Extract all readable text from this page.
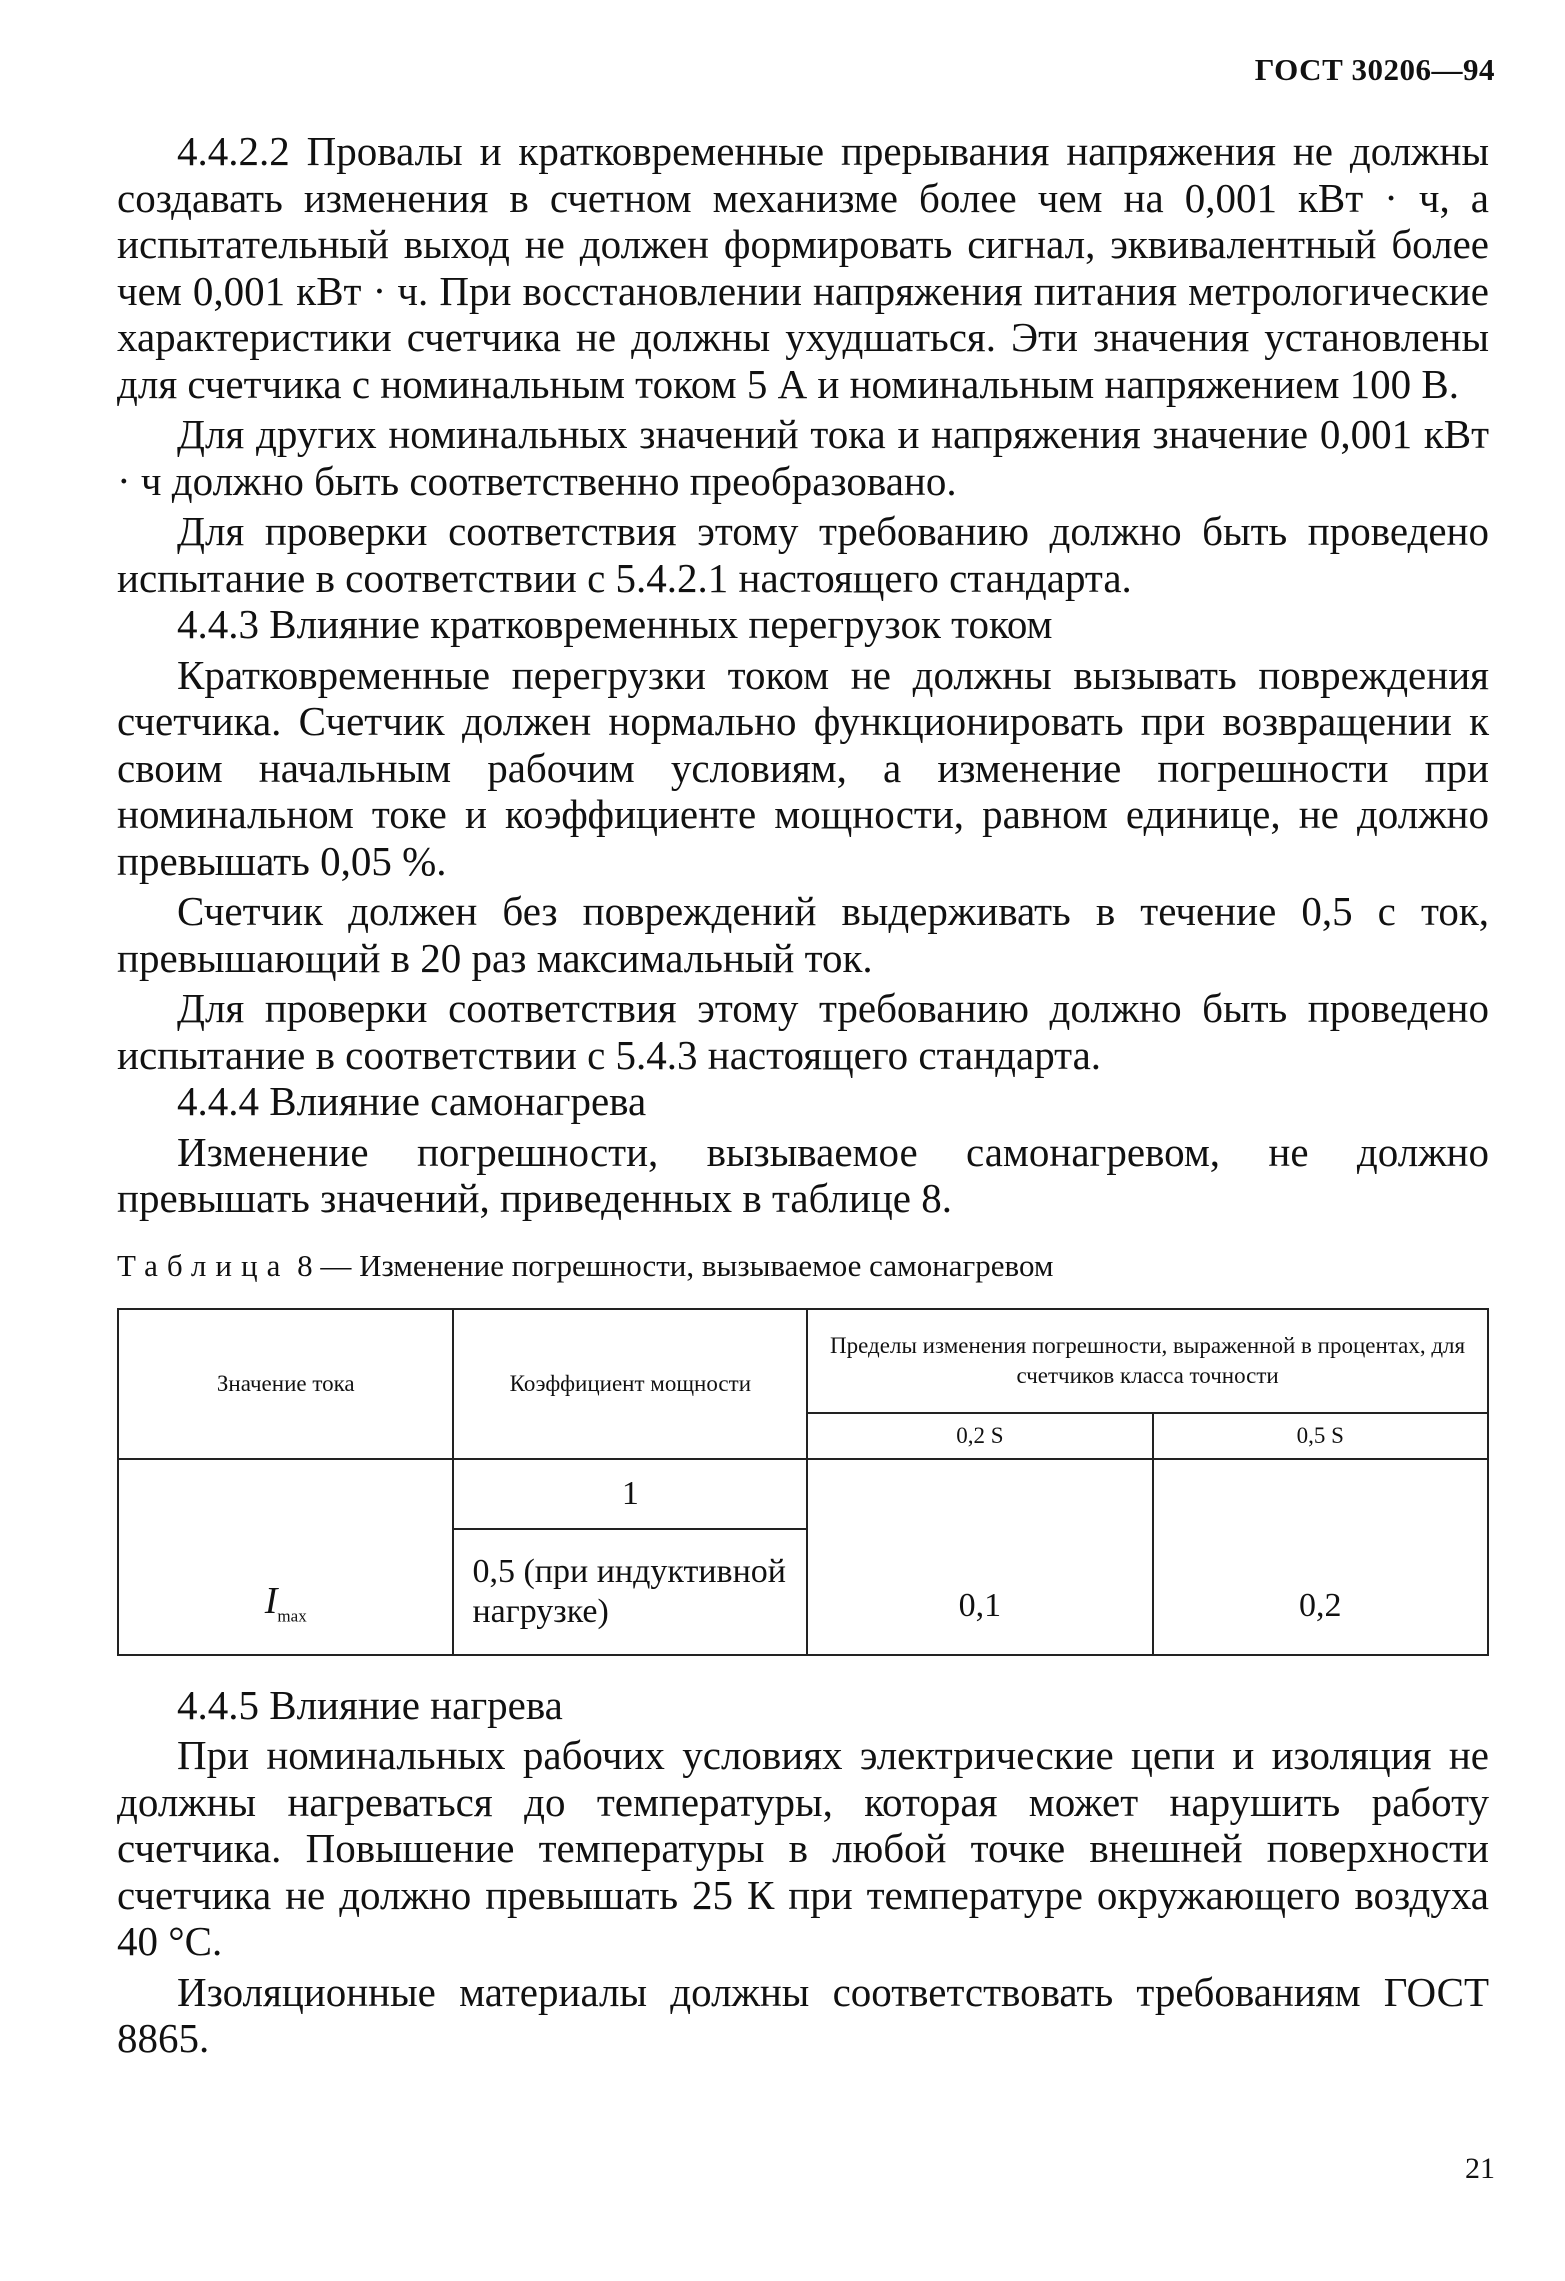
ГОСТ 30206—94

4.4.2.2 Провалы и кратковременные прерывания напряжения не должны создавать изменения в счетном механизме более чем на 0,001 кВт · ч, а испытательный выход не должен формировать сигнал, эквивалентный более чем 0,001 кВт · ч. При восстановлении напряжения питания метрологические характеристики счетчика не должны ухудшаться. Эти значения установлены для счетчика с номинальным током 5 А и номинальным напряжением 100 В.

Для других номинальных значений тока и напряжения значение 0,001 кВт · ч должно быть соответственно преобразовано.

Для проверки соответствия этому требованию должно быть проведено испытание в соответствии с 5.4.2.1 настоящего стандарта.

4.4.3 Влияние кратковременных перегрузок током

Кратковременные перегрузки током не должны вызывать повреждения счетчика. Счетчик должен нормально функционировать при возвращении к своим начальным рабочим условиям, а изменение погрешности при номинальном токе и коэффициенте мощности, равном единице, не должно превышать 0,05 %.

Счетчик должен без повреждений выдерживать в течение 0,5 с ток, превышающий в 20 раз максимальный ток.

Для проверки соответствия этому требованию должно быть проведено испытание в соответствии с 5.4.3 настоящего стандарта.

4.4.4 Влияние самонагрева

Изменение погрешности, вызываемое самонагревом, не должно превышать значений, приведенных в таблице 8.

Таблица 8 — Изменение погрешности, вызываемое самонагревом
Значение тока	Коэффициент мощности	Пределы изменения погрешности, выраженной в процентах, для счетчиков класса точности	
		0,2 S	0,5 S
$I_{max}$	1	0,1	0,2
	0,5 (при индуктивной нагрузке)		

4.4.5 Влияние нагрева

При номинальных рабочих условиях электрические цепи и изоляция не должны нагреваться до температуры, которая может нарушить работу счетчика. Повышение температуры в любой точке внешней поверхности счетчика не должно превышать 25 К при температуре окружающего воздуха 40 °С.

Изоляционные материалы должны соответствовать требованиям ГОСТ 8865.

21
